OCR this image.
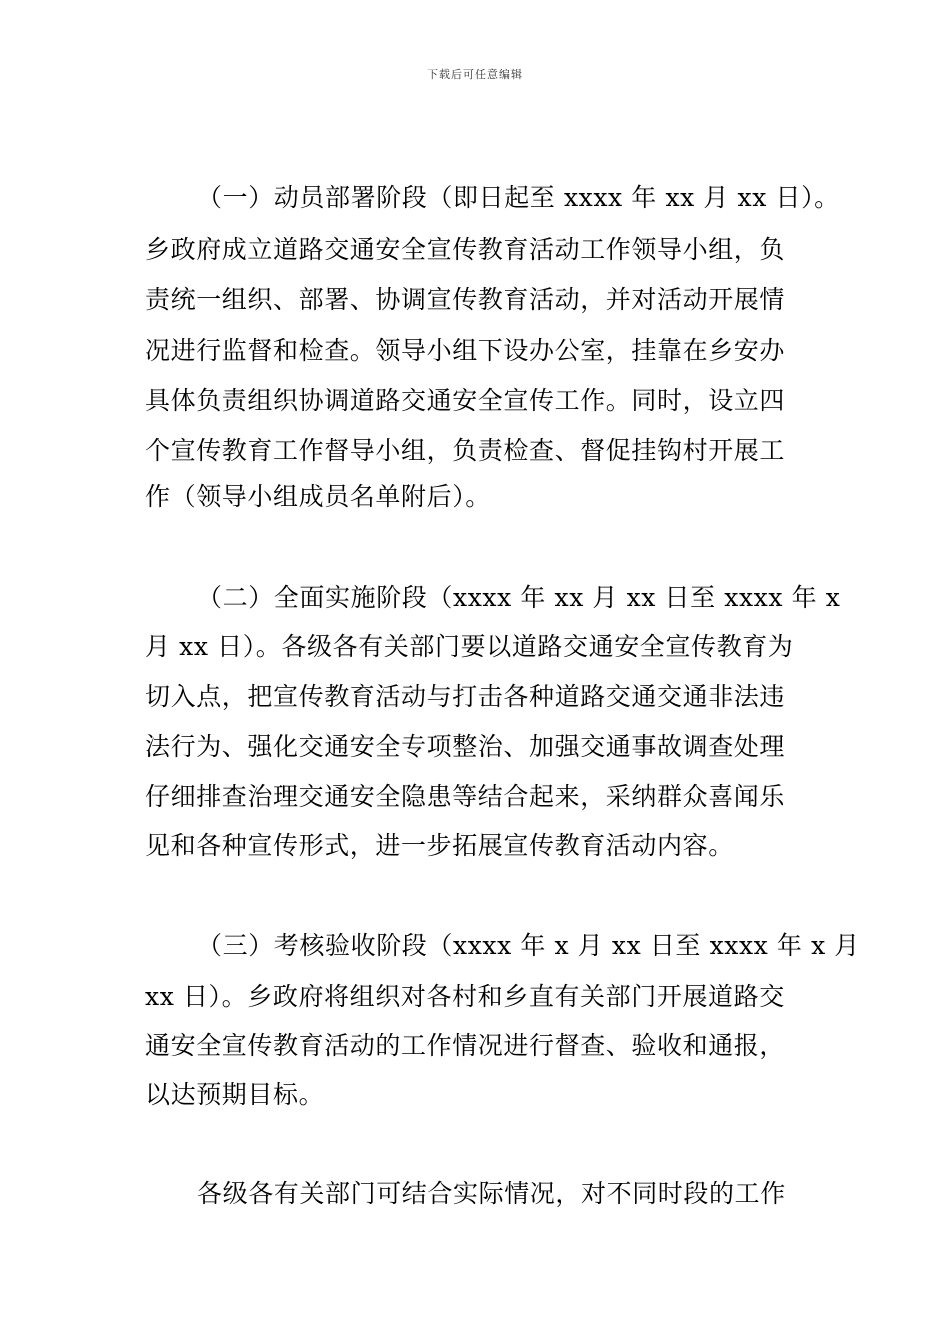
下载后可任意编辑
（一）动员部署阶段（即日起至 xxxx 年 xx 月 xx 日）。
乡政府成立道路交通安全宣传教育活动工作领导小组，负
责统一组织、部署、协调宣传教育活动，并对活动开展情
况进行监督和检查。领导小组下设办公室，挂靠在乡安办
具体负责组织协调道路交通安全宣传工作。同时，设立四
个宣传教育工作督导小组，负责检查、督促挂钩村开展工
作（领导小组成员名单附后）。
（二）全面实施阶段（xxxx 年 xx 月 xx 日至 xxxx 年 x
月 xx 日）。各级各有关部门要以道路交通安全宣传教育为
切入点，把宣传教育活动与打击各种道路交通交通非法违
法行为、强化交通安全专项整治、加强交通事故调查处理
仔细排查治理交通安全隐患等结合起来，采纳群众喜闻乐
见和各种宣传形式，进一步拓展宣传教育活动内容。
（三）考核验收阶段（xxxx 年 x 月 xx 日至 xxxx 年 x 月
xx 日）。乡政府将组织对各村和乡直有关部门开展道路交
通安全宣传教育活动的工作情况进行督查、验收和通报，
以达预期目标。
各级各有关部门可结合实际情况，对不同时段的工作
